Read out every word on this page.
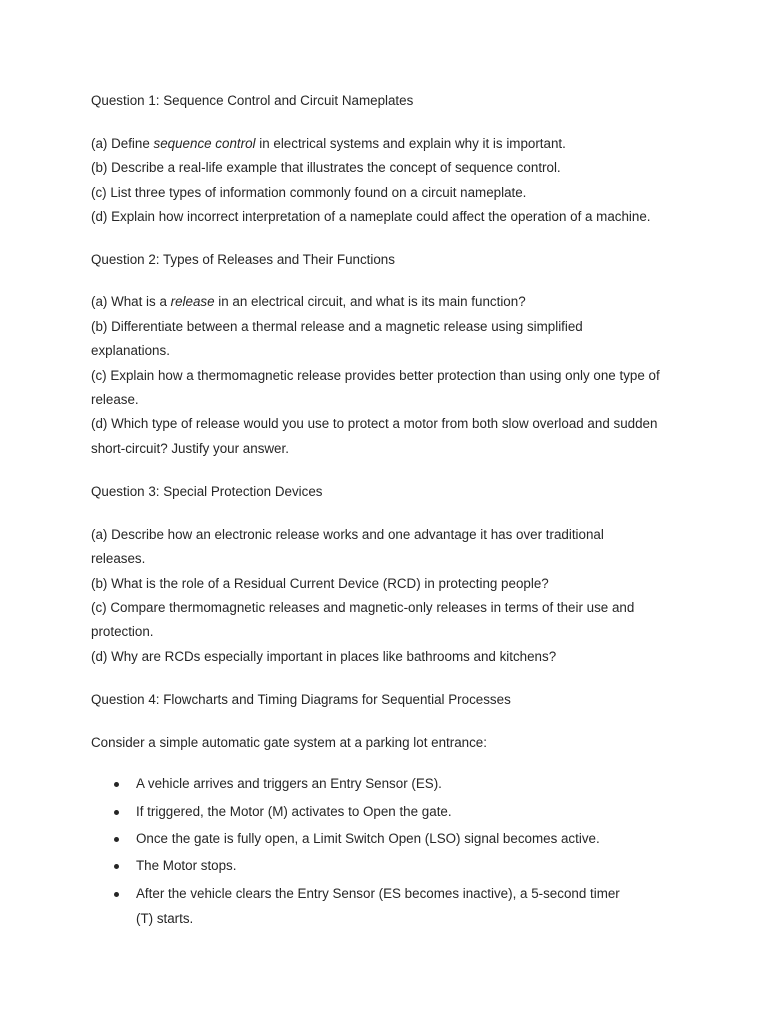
Question 1: Sequence Control and Circuit Nameplates
(a) Define sequence control in electrical systems and explain why it is important.
(b) Describe a real-life example that illustrates the concept of sequence control.
(c) List three types of information commonly found on a circuit nameplate.
(d) Explain how incorrect interpretation of a nameplate could affect the operation of a machine.
Question 2: Types of Releases and Their Functions
(a) What is a release in an electrical circuit, and what is its main function?
(b) Differentiate between a thermal release and a magnetic release using simplified
explanations.
(c) Explain how a thermomagnetic release provides better protection than using only one type of
release.
(d) Which type of release would you use to protect a motor from both slow overload and sudden
short-circuit? Justify your answer.
Question 3: Special Protection Devices
(a) Describe how an electronic release works and one advantage it has over traditional
releases.
(b) What is the role of a Residual Current Device (RCD) in protecting people?
(c) Compare thermomagnetic releases and magnetic-only releases in terms of their use and
protection.
(d) Why are RCDs especially important in places like bathrooms and kitchens?
Question 4: Flowcharts and Timing Diagrams for Sequential Processes
Consider a simple automatic gate system at a parking lot entrance:
A vehicle arrives and triggers an Entry Sensor (ES).
If triggered, the Motor (M) activates to Open the gate.
Once the gate is fully open, a Limit Switch Open (LSO) signal becomes active.
The Motor stops.
After the vehicle clears the Entry Sensor (ES becomes inactive), a 5-second timer
(T) starts.
